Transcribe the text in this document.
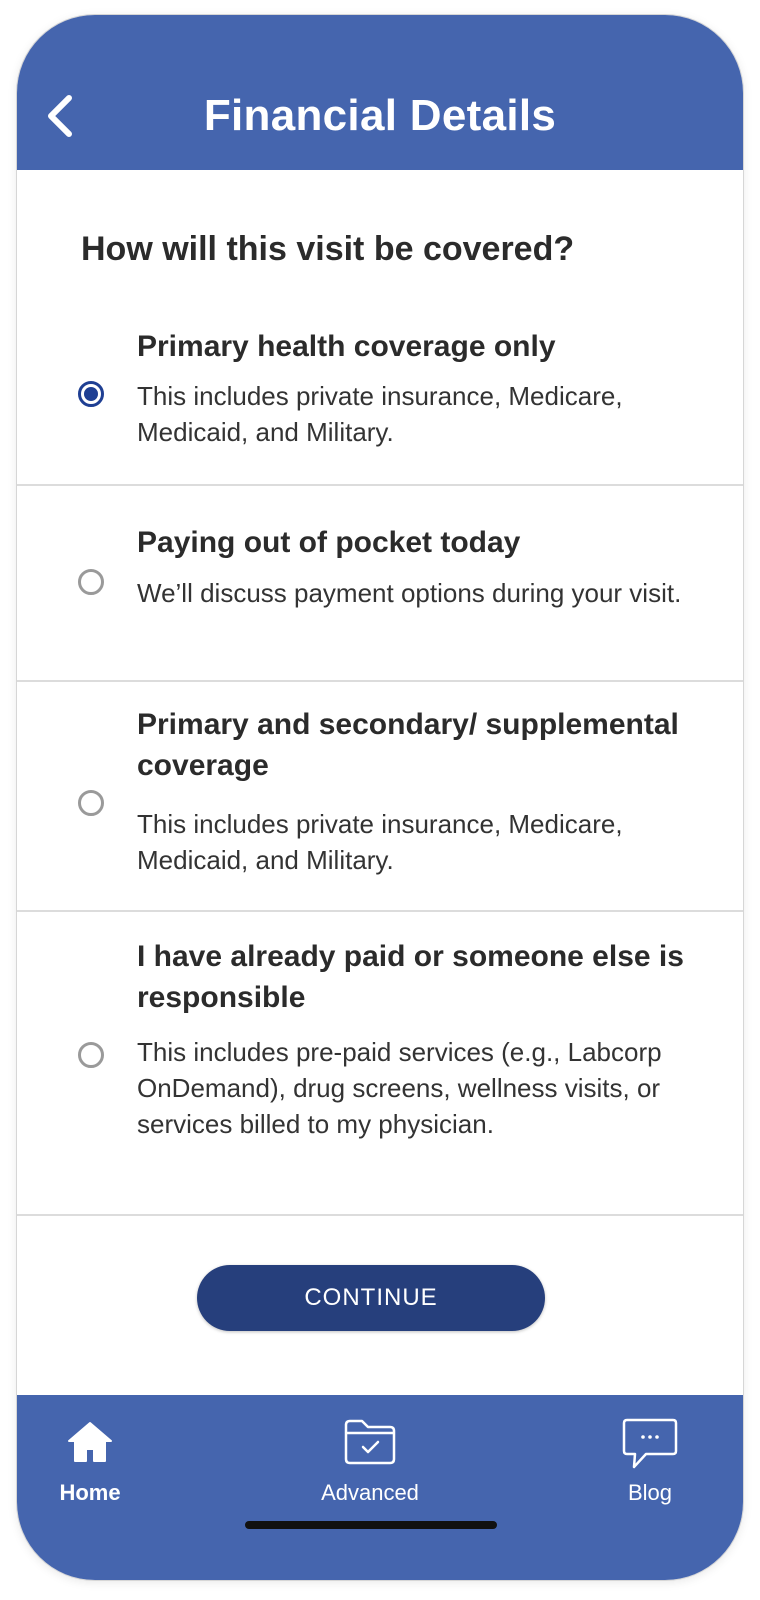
Financial Details
How will this visit be covered?
Primary health coverage only
This includes private insurance, Medicare, Medicaid, and Military.
Paying out of pocket today
We’ll discuss payment options during your visit.
Primary and secondary/ supplemental coverage
This includes private insurance, Medicare, Medicaid, and Military.
I have already paid or someone else is responsible
This includes pre-paid services (e.g., Labcorp OnDemand), drug screens, wellness visits, or services billed to my physician.
CONTINUE
Home	Advanced	Blog
